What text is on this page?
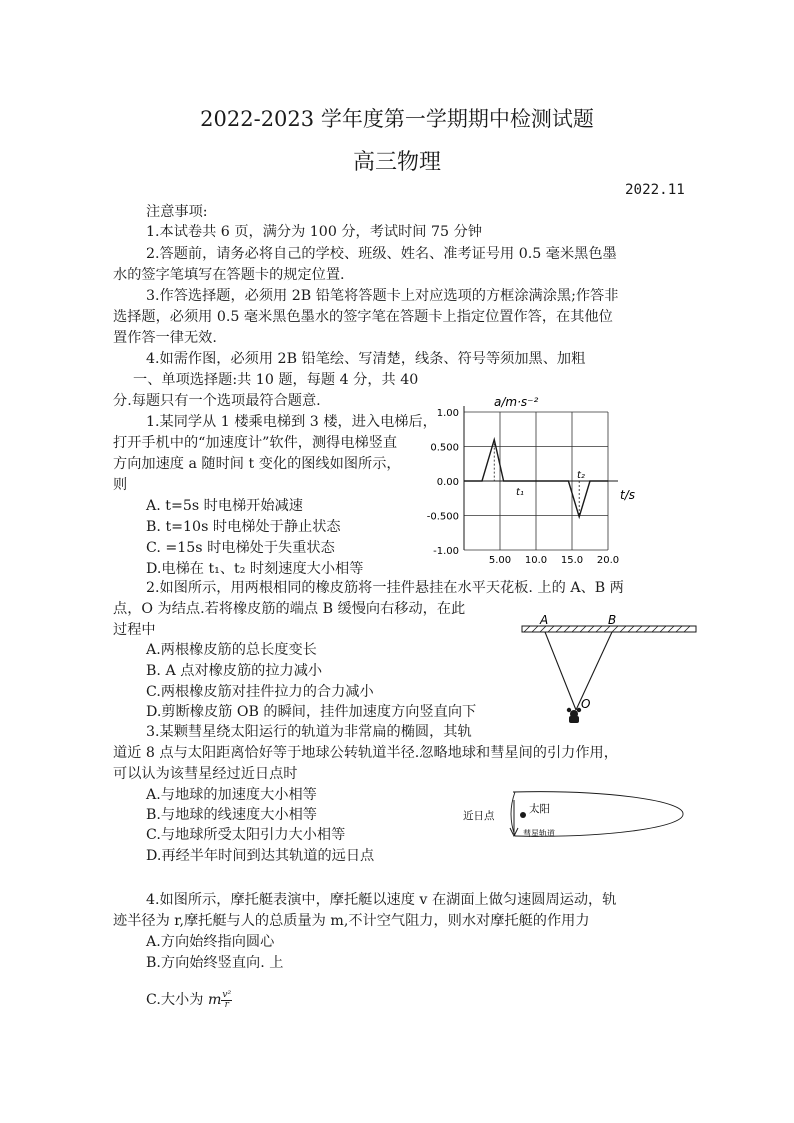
2022-2023 学年度第一学期期中检测试题
高三物理
2022.11
注意事项:
1.本试卷共 6 页，满分为 100 分，考试时间 75 分钟
2.答题前，请务必将自己的学校、班级、姓名、准考证号用 0.5 毫米黑色墨
水的签字笔填写在答题卡的规定位置.
3.作答选择题，必须用 2B 铅笔将答题卡上对应选项的方框涂满涂黑;作答非
选择题，必须用 0.5 毫米黑色墨水的签字笔在答题卡上指定位置作答，在其他位
置作答一律无效.
4.如需作图，必须用 2B 铅笔绘、写清楚，线条、符号等须加黑、加粗
一、单项选择题:共 10 题，每题 4 分，共 40
分.每题只有一个选项最符合题意.
1.某同学从 1 楼乘电梯到 3 楼，进入电梯后，
打开手机中的“加速度计”软件，测得电梯竖直
方向加速度 a 随时间 t 变化的图线如图所示，
则
A. t=5s 时电梯开始减速
B. t=10s 时电梯处于静止状态
C. =15s 时电梯处于失重状态
D.电梯在 t₁、t₂ 时刻速度大小相等
1.00
0.500
0.00
-0.500
-1.00
5.00 10.0 15.0 20.0
a/m·s⁻²
t/s
t₁
t₂
2.如图所示，用两根相同的橡皮筋将一挂件悬挂在水平天花板. 上的 A、B 两
点，O 为结点.若将橡皮筋的端点 B 缓慢向右移动，在此
过程中
A.两根橡皮筋的总长度变长
B. A 点对橡皮筋的拉力减小
C.两根橡皮筋对挂件拉力的合力减小
D.剪断橡皮筋 OB 的瞬间，挂件加速度方向竖直向下
A	B
O
3.某颗彗星绕太阳运行的轨道为非常扁的椭圆，其轨
道近 8 点与太阳距离恰好等于地球公转轨道半径.忽略地球和彗星间的引力作用，
可以认为该彗星经过近日点时
A.与地球的加速度大小相等
B.与地球的线速度大小相等
C.与地球所受太阳引力大小相等
D.再经半年时间到达其轨道的远日点
近日点
太阳
彗星轨道
4.如图所示，摩托艇表演中，摩托艇以速度 v 在湖面上做匀速圆周运动，轨
迹半径为 r,摩托艇与人的总质量为 m,不计空气阻力，则水对摩托艇的作用力
A.方向始终指向圆心
B.方向始终竖直向. 上
C.大小为 m $\frac{\text{v²}}{r}$
